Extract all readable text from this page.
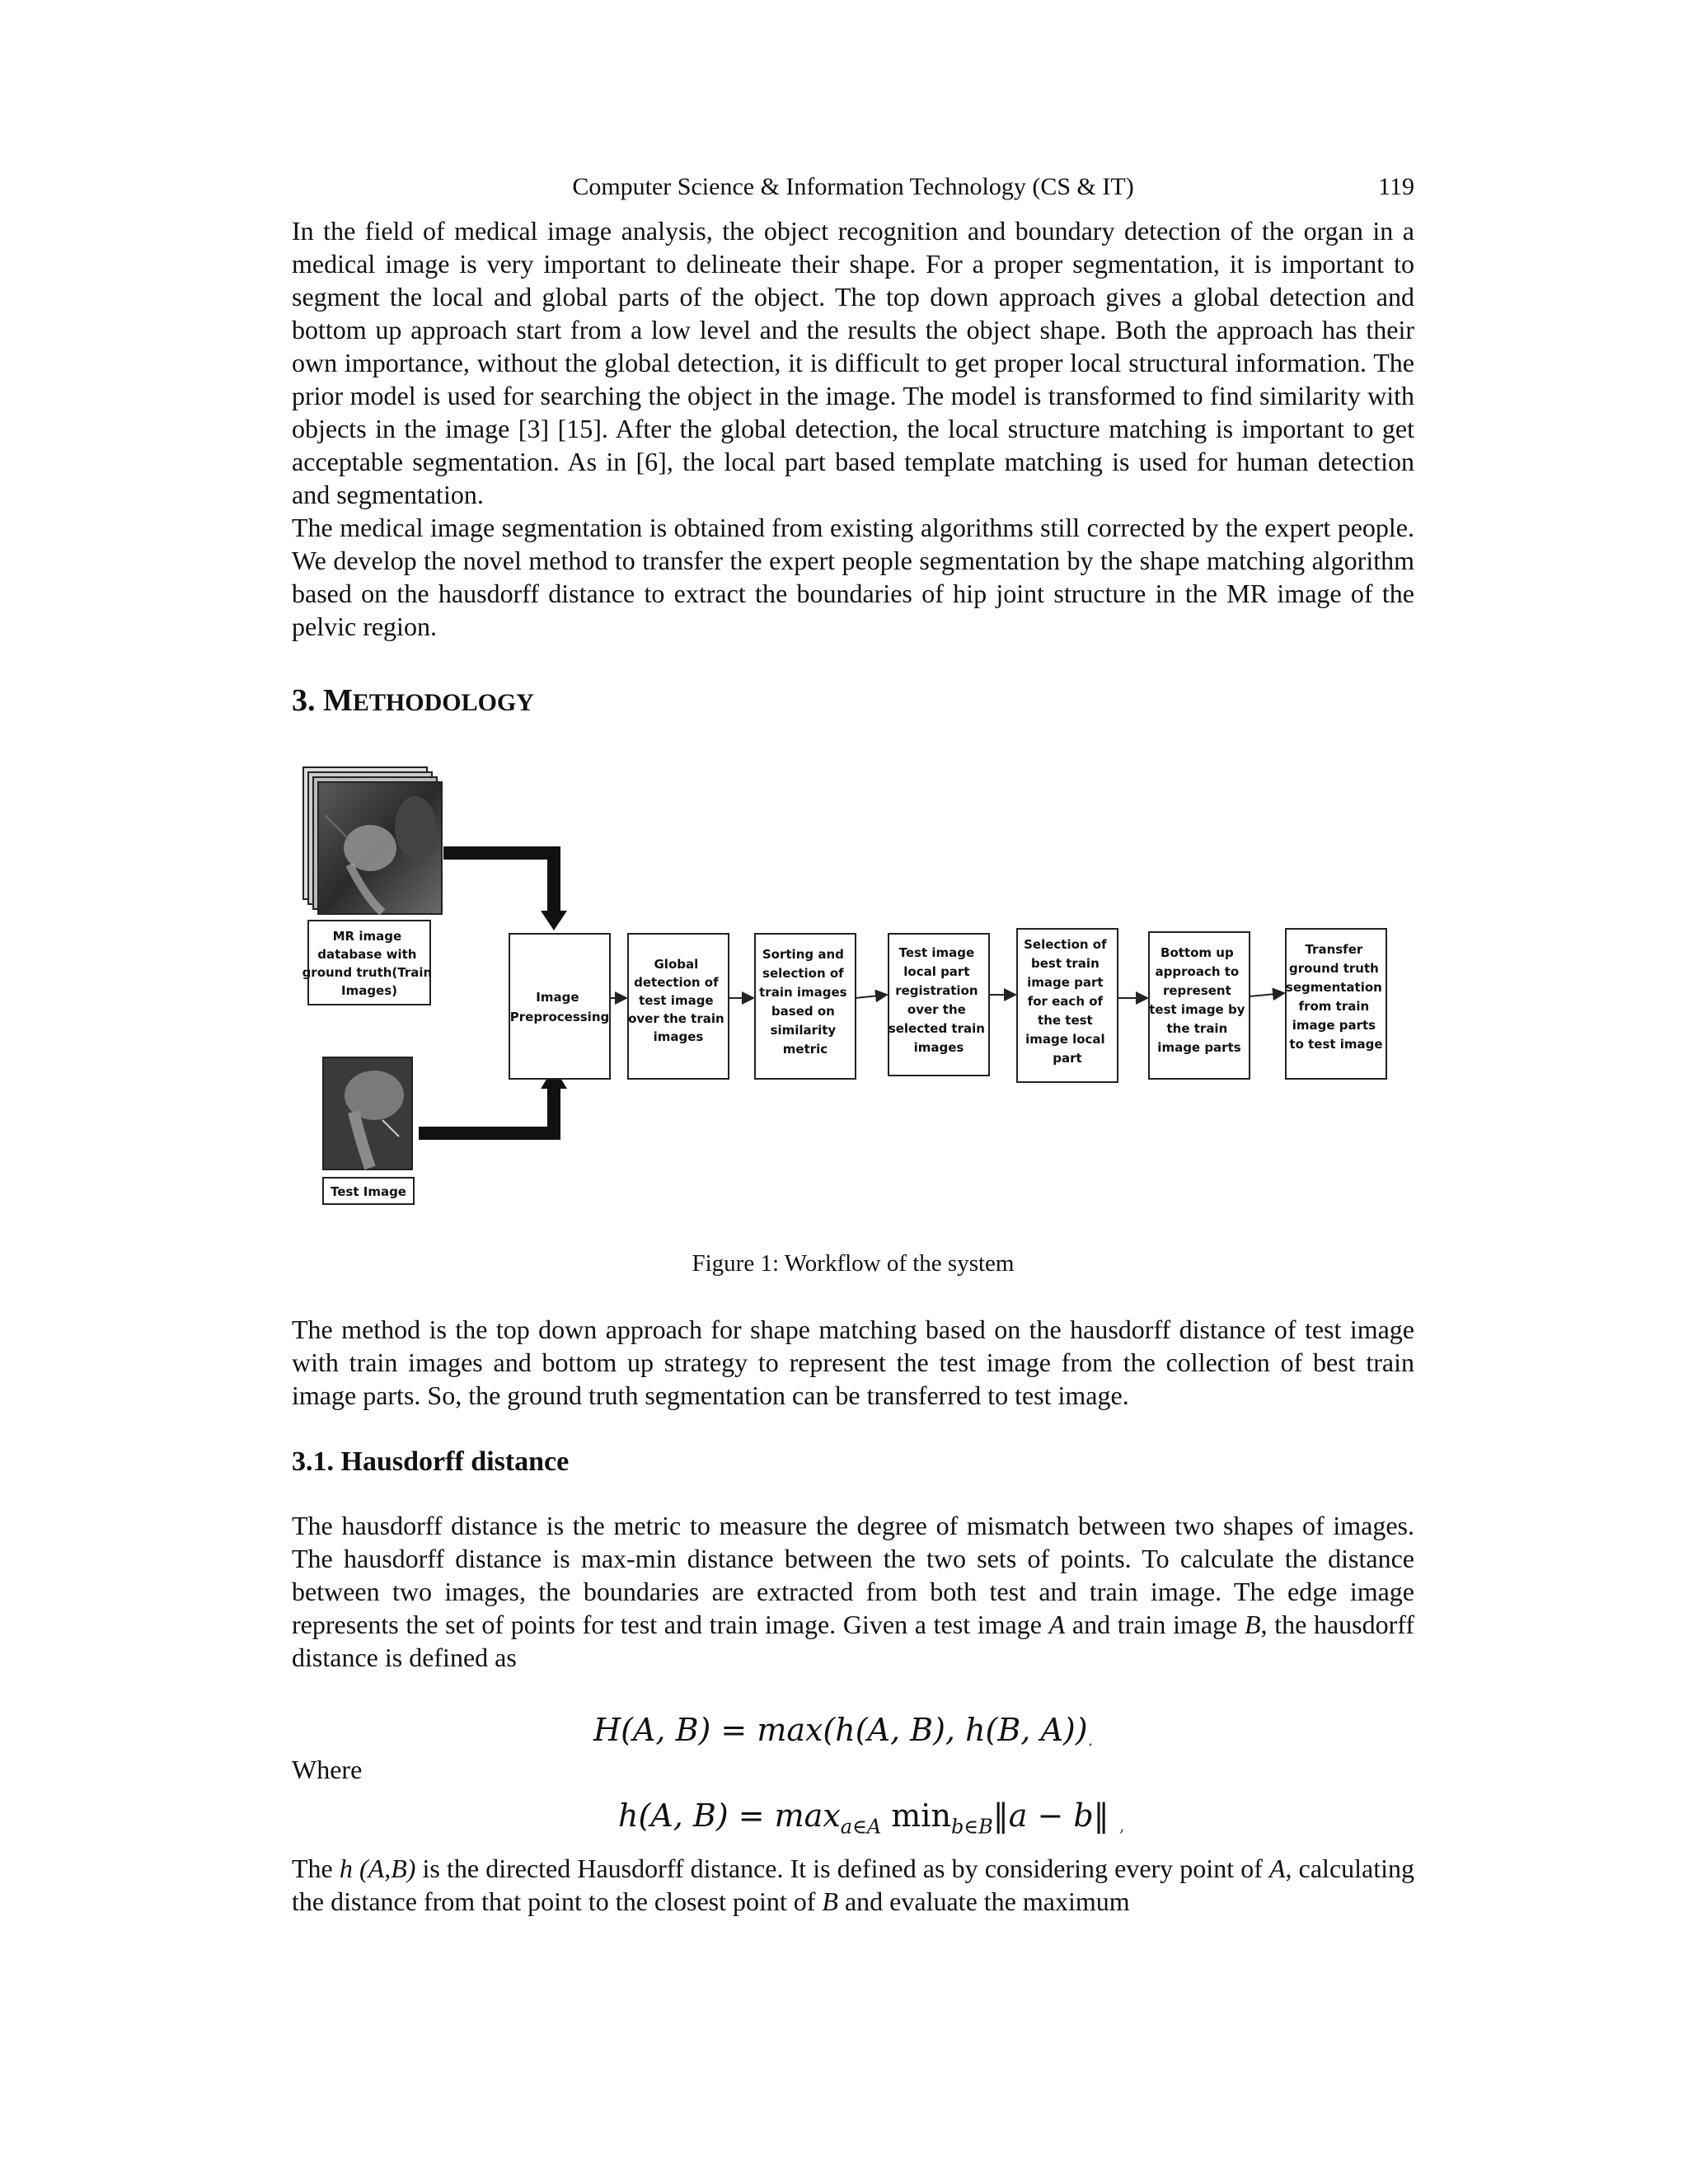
Computer Science & Information Technology (CS & IT)	119

In the field of medical image analysis, the object recognition and boundary detection of the organ in a medical image is very important to delineate their shape. For a proper segmentation, it is important to segment the local and global parts of the object. The top down approach gives a global detection and bottom up approach start from a low level and the results the object shape. Both the approach has their own importance, without the global detection, it is difficult to get proper local structural information. The prior model is used for searching the object in the image. The model is transformed to find similarity with objects in the image [3] [15]. After the global detection, the local structure matching is important to get acceptable segmentation. As in [6], the local part based template matching is used for human detection and segmentation.

The medical image segmentation is obtained from existing algorithms still corrected by the expert people. We develop the novel method to transfer the expert people segmentation by the shape matching algorithm based on the hausdorff distance to extract the boundaries of hip joint structure in the MR image of the pelvic region.

3. METHODOLOGY
MR image database with ground truth(Train Images)
Test Image
Image Preprocessing
Global detection of test image over the train images
Sorting and selection of train images based on similarity metric
Test image local part registration over the selected train images
Selection of best train image part for each of the test image local part
Bottom up approach to represent test image by the train image parts
Transfer ground truth segmentation from train image parts to test image
Figure 1: Workflow of the system

The method is the top down approach for shape matching based on the hausdorff distance of test image with train images and bottom up strategy to represent the test image from the collection of best train image parts. So, the ground truth segmentation can be transferred to test image.

3.1. Hausdorff distance

The hausdorff distance is the metric to measure the degree of mismatch between two shapes of images. The hausdorff distance is max-min distance between the two sets of points. To calculate the distance between two images, the boundaries are extracted from both test and train image. The edge image represents the set of points for test and train image. Given a test image A and train image B, the hausdorff distance is defined as

H(A, B) = max(h(A, B), h(B, A)).
Where
h(A, $B) = \max_{a\in A}$ $\min_{b\in B}‖a$ − b‖ ,

The h (A,B) is the directed Hausdorff distance. It is defined as by considering every point of A, calculating the distance from that point to the closest point of B and evaluate the maximum
